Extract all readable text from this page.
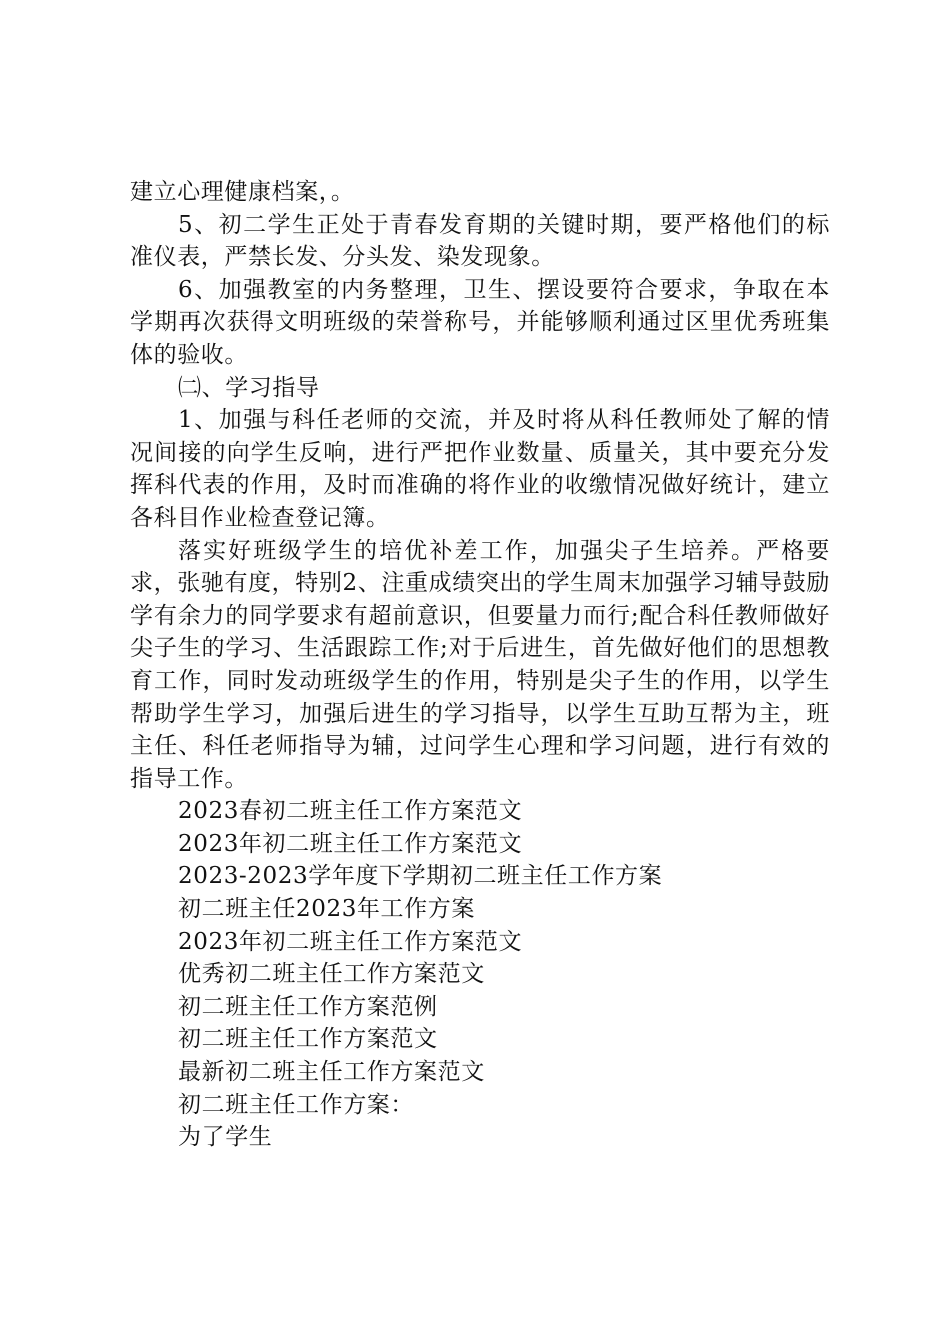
建立心理健康档案，。

5、初二学生正处于青春发育期的关键时期，要严格他们的标准仪表，严禁长发、分头发、染发现象。

6、加强教室的内务整理，卫生、摆设要符合要求，争取在本学期再次获得文明班级的荣誉称号，并能够顺利通过区里优秀班集体的验收。

㈡、学习指导

1、加强与科任老师的交流，并及时将从科任教师处了解的情况间接的向学生反响，进行严把作业数量、质量关，其中要充分发挥科代表的作用，及时而准确的将作业的收缴情况做好统计，建立各科目作业检查登记簿。

落实好班级学生的培优补差工作，加强尖子生培养。严格要求，张驰有度，特别2、注重成绩突出的学生周末加强学习辅导鼓励学有余力的同学要求有超前意识，但要量力而行;配合科任教师做好尖子生的学习、生活跟踪工作;对于后进生，首先做好他们的思想教育工作，同时发动班级学生的作用，特别是尖子生的作用，以学生帮助学生学习，加强后进生的学习指导，以学生互助互帮为主，班主任、科任老师指导为辅，过问学生心理和学习问题，进行有效的指导工作。

2023春初二班主任工作方案范文

2023年初二班主任工作方案范文

2023-2023学年度下学期初二班主任工作方案

初二班主任2023年工作方案

2023年初二班主任工作方案范文

优秀初二班主任工作方案范文

初二班主任工作方案范例

初二班主任工作方案范文

最新初二班主任工作方案范文

初二班主任工作方案：

为了学生
